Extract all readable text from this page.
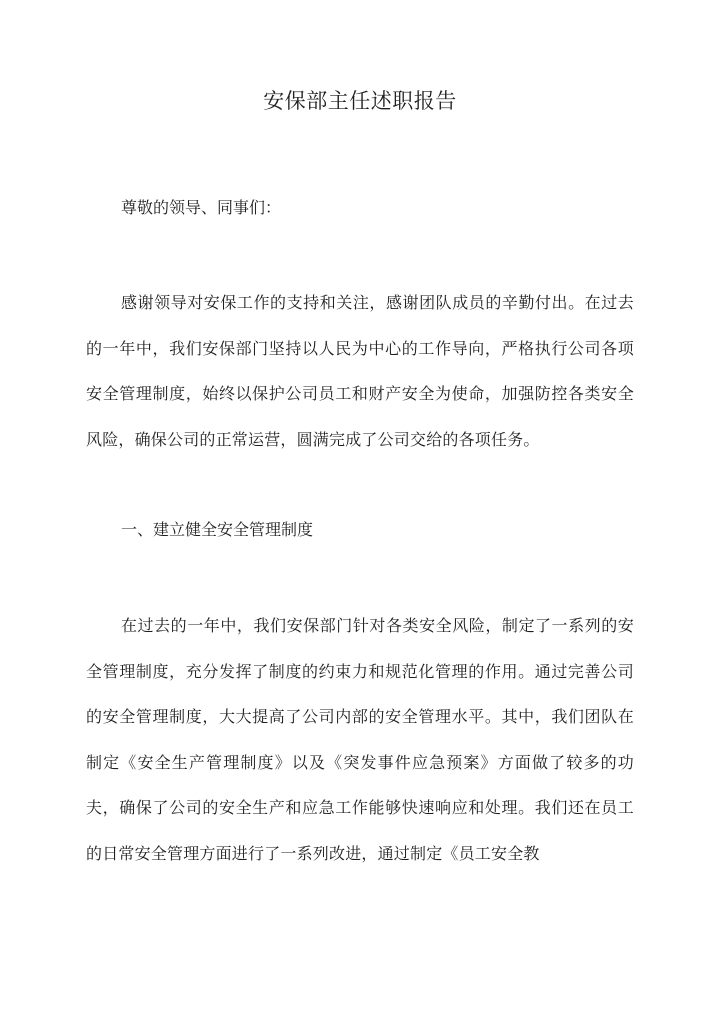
安保部主任述职报告
尊敬的领导、同事们：
感谢领导对安保工作的支持和关注，感谢团队成员的辛勤付出。在过去的一年中，我们安保部门坚持以人民为中心的工作导向，严格执行公司各项安全管理制度，始终以保护公司员工和财产安全为使命，加强防控各类安全风险，确保公司的正常运营，圆满完成了公司交给的各项任务。
一、建立健全安全管理制度
在过去的一年中，我们安保部门针对各类安全风险，制定了一系列的安全管理制度，充分发挥了制度的约束力和规范化管理的作用。通过完善公司的安全管理制度，大大提高了公司内部的安全管理水平。其中，我们团队在制定《安全生产管理制度》以及《突发事件应急预案》方面做了较多的功夫，确保了公司的安全生产和应急工作能够快速响应和处理。我们还在员工的日常安全管理方面进行了一系列改进，通过制定《员工安全教
